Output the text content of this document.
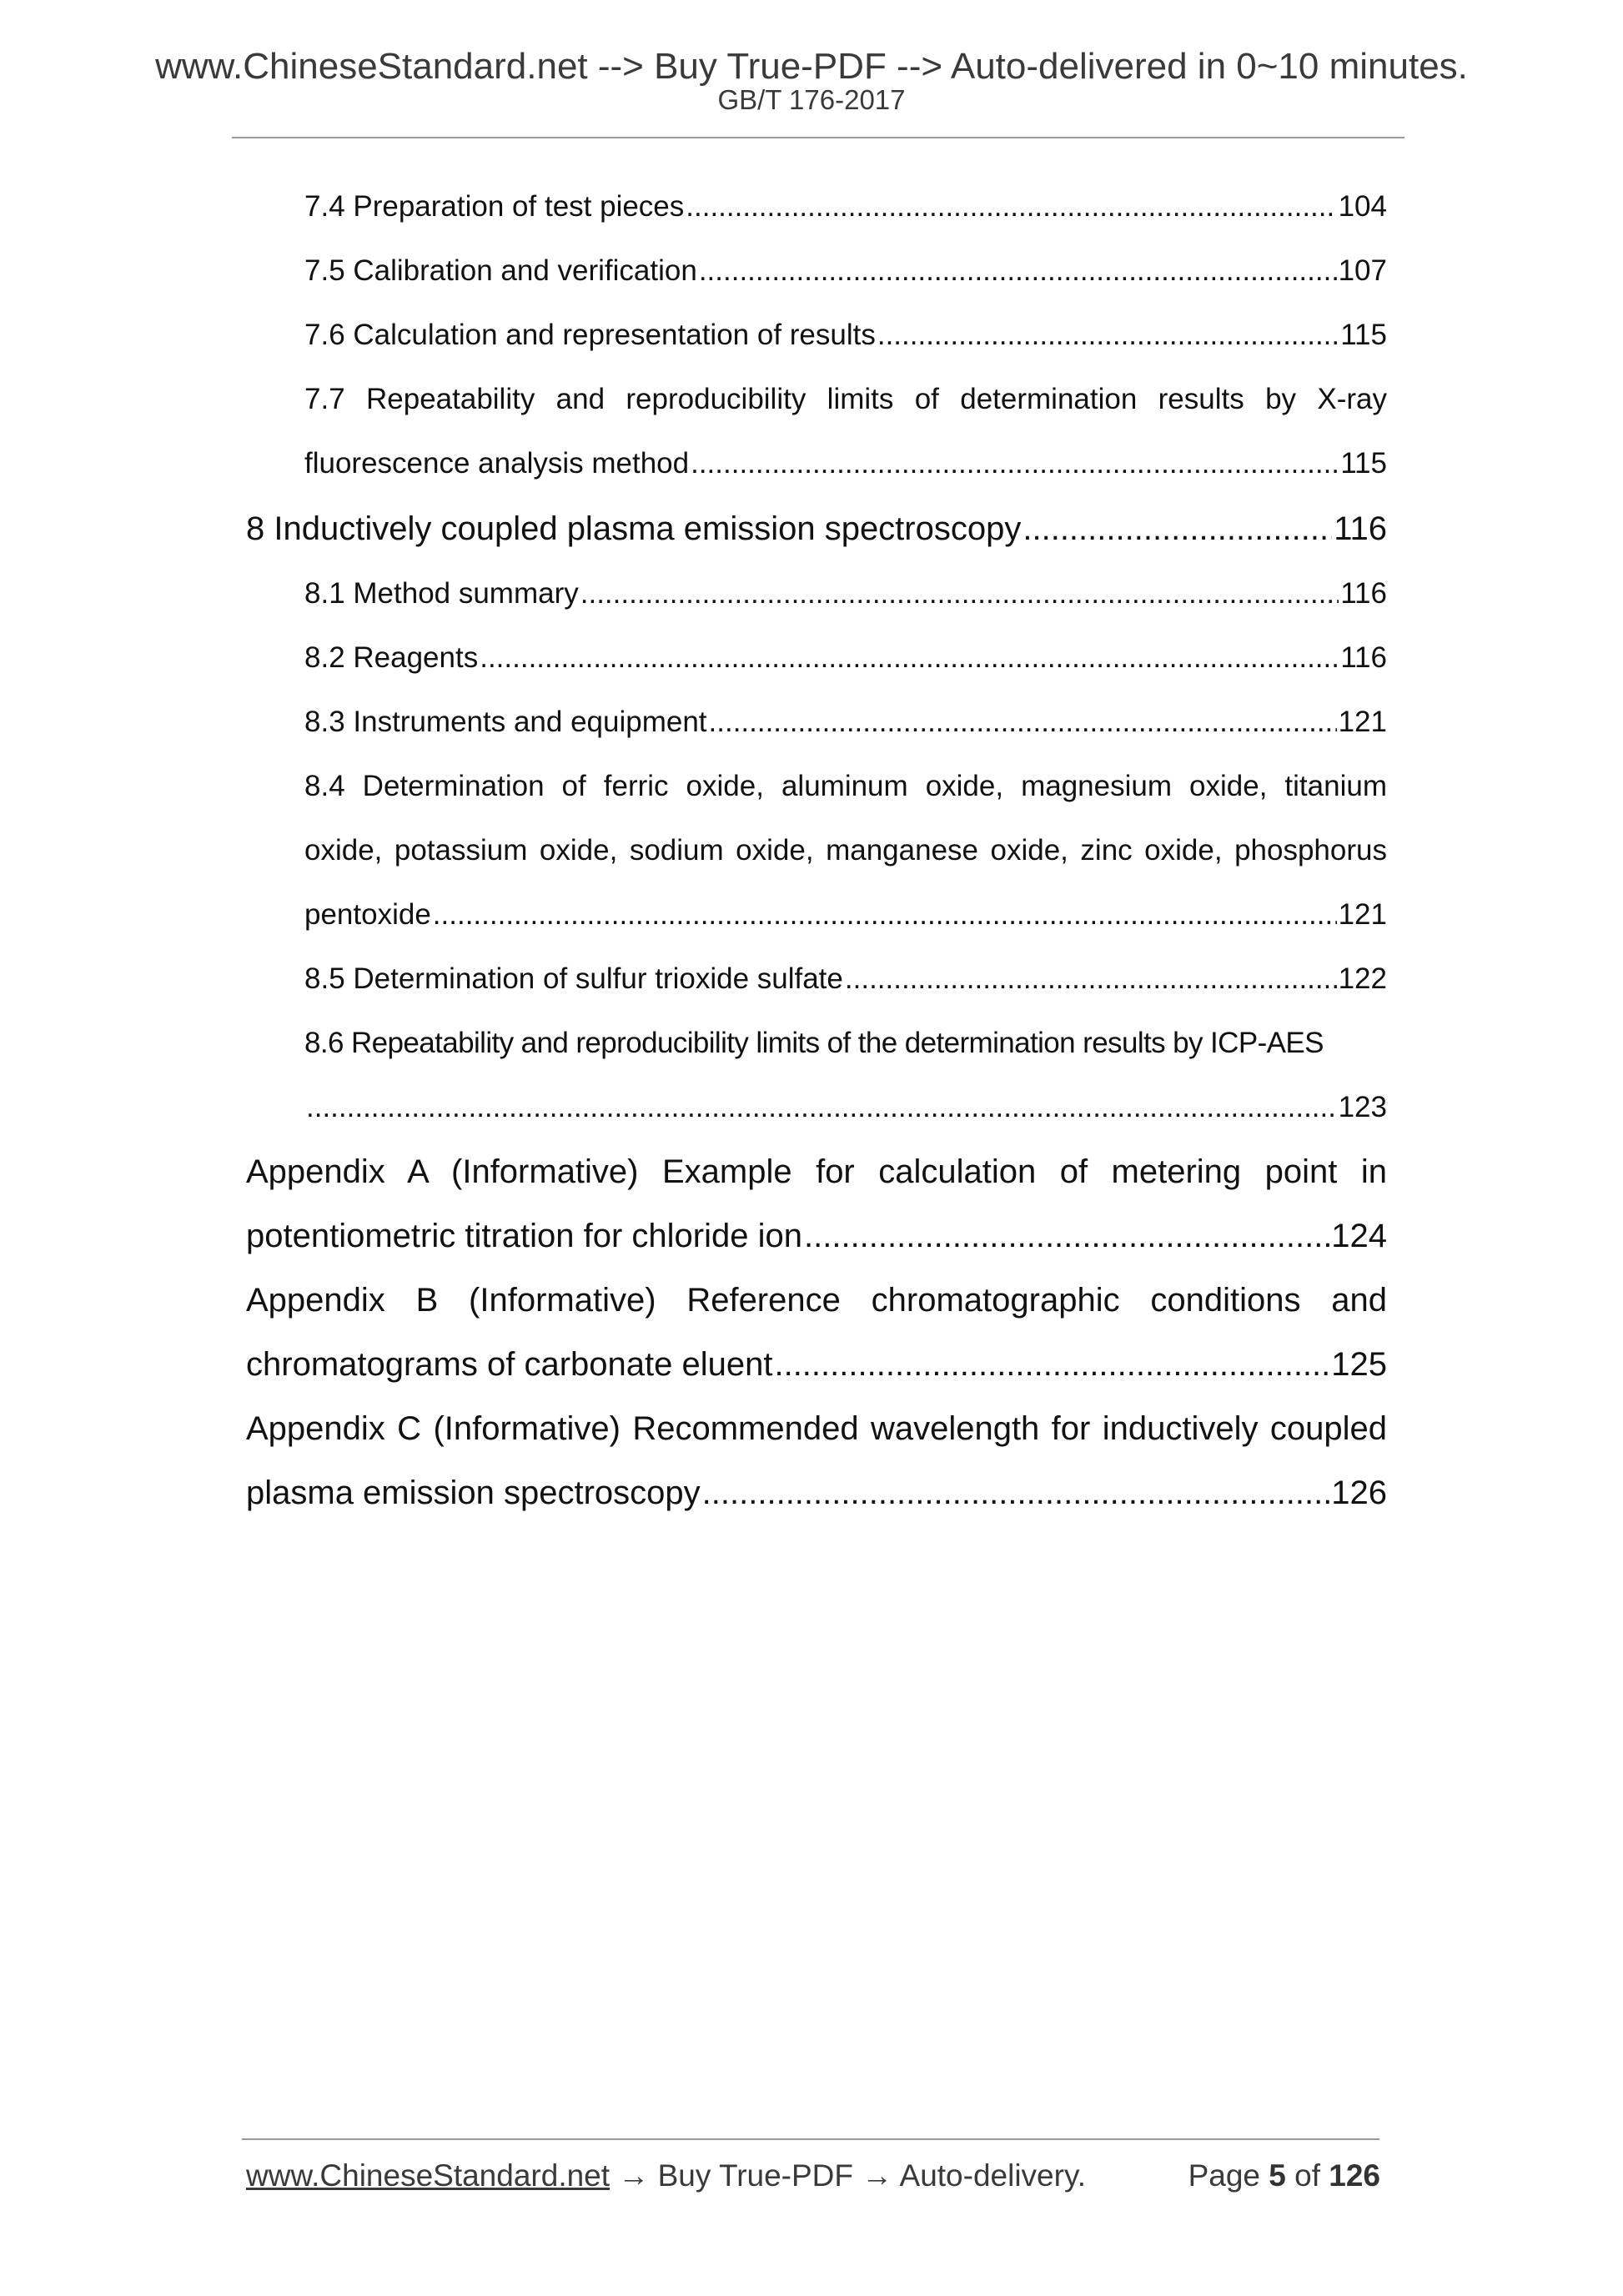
www.ChineseStandard.net --> Buy True-PDF --> Auto-delivered in 0~10 minutes.
GB/T 176-2017
7.4 Preparation of test pieces .....	104
7.5 Calibration and verification .....	107
7.6 Calculation and representation of results .....	115
7.7 Repeatability and reproducibility limits of determination results by X-ray
fluorescence analysis method .....	115
8 Inductively coupled plasma emission spectroscopy .....	116
8.1 Method summary .....	116
8.2 Reagents .....	116
8.3 Instruments and equipment .....	121
8.4 Determination of ferric oxide, aluminum oxide, magnesium oxide, titanium
oxide, potassium oxide, sodium oxide, manganese oxide, zinc oxide, phosphorus
pentoxide .....	121
8.5 Determination of sulfur trioxide sulfate .....	122
8.6 Repeatability and reproducibility limits of the determination results by ICP-AES
.....
123
Appendix A (Informative) Example for calculation of metering point in
potentiometric titration for chloride ion .....	124
Appendix B (Informative) Reference chromatographic conditions and
chromatograms of carbonate eluent .....	125
Appendix C (Informative) Recommended wavelength for inductively coupled
plasma emission spectroscopy .....	126
www.ChineseStandard.net → Buy True-PDF → Auto-delivery.	Page 5 of 126
